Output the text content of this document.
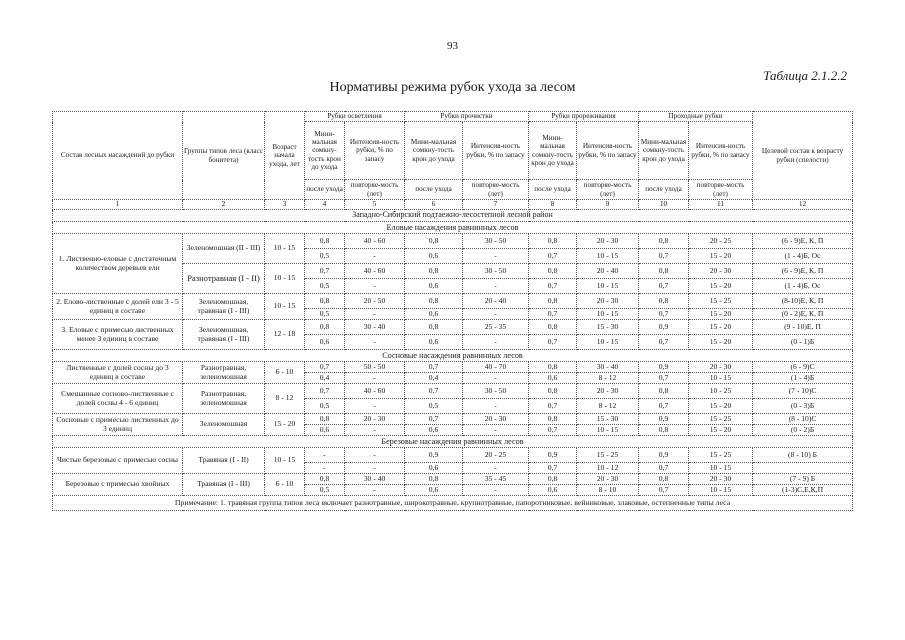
93
Таблица 2.1.2.2
Нормативы режима рубок ухода за лесом
Состав лесных насаждений до рубки	Группы типов леса (класс бонитета)	Возраст начала ухода, лет	Рубки осветления		Рубки прочистки		Рубки прореживания		Проходные рубки		Целевой состав к возрасту рубки (спелости)
			Мини-мальная сомкну-тость крон до ухода	Интенсив-ность рубки, % по запасу	Мини-мальная сомкну-тость крон до ухода	Интенсив-ность рубки, % по запасу	Мини-мальная сомкну-тость крон до ухода	Интенсив-ность рубки, % по запасу	Мини-мальная сомкну-тость крон до ухода	Интенсив-ность рубки, % по запасу	
			после ухода	повторяе-мость (лет)	после ухода	повторяе-мость (лет)	после ухода	повторяе-мость (лет)	после ухода	повторяе-мость (лет)	
1	2	3	4	5	6	7	8	9	10	11	12
Западно-Сибирский подтаежно-лесостепной лесной район											
Еловые насаждения равнинных лесов											
1. Лиственно-еловые с достаточным количеством деревьев ели	Зеленомошная (II - III)	10 - 15	0,8	40 - 60	0,8	30 - 50	0,8	20 - 30	0,8	20 - 25	(6 - 9)Е, К, П
			0,5	-	0,6	-	0,7	10 - 15	0,7	15 - 20	(1 - 4)Б, Ос
	Разнотравная (I - II)	10 - 15	0,7	40 - 60	0,8	30 - 50	0,8	20 - 40	0,8	20 - 30	(6 - 9)Е, К, П
			0,5	-	0,6	-	0,7	10 - 15	0,7	15 - 20	(1 - 4)Б, Ос
2. Елово-лиственные с долей ели 3 - 5 единиц в составе	Зеленомошная, травяная (I - III)	10 - 15	0,8	20 - 50	0,8	20 - 40	0,8	20 - 30	0,8	15 - 25	(8-10)Е, К, П
			0,5	-	0,6	-	0,7	10 - 15	0,7	15 - 20	(0 - 2)Е, К, П
3. Еловые с примесью лиственных менее 3 единиц в составе	Зеленомошная, травяная (I - III)	12 - 18	0,8	30 - 40	0,8	25 - 35	0,8	15 - 30	0,9	15 - 20	(9 - 10)Е, П
			0,6	-	0,6	-	0,7	10 - 15	0,7	15 - 20	(0 - 1)Б
Сосновые насаждения равнинных лесов											
Лиственные с долей сосны до 3 единиц в составе	Разнотравная, зеленомошная	6 - 10	0,7	50 - 50	0,7	40 - 70	0,8	30 - 40	0,9	20 - 30	(6 - 9)С
			0,4	-	0,4	-	0,6	8 - 12	0,7	10 - 15	(1 - 4)Б
Смешанные сосново-лиственные с долей сосны 4 - 6 единиц	Разнотравная, зеленомошная	8 - 12	0,7	40 - 60	0,7	30 - 50	0,8	20 - 30	0,8	10 - 25	(7 - 10)С
			0,5	-	0,5	-	0,7	8 - 12	0,7	15 - 20	(0 - 3)Б
Сосновые с примесью лиственных до 3 единиц	Зеленомошная	15 - 20	0,8	20 - 30	0,7	20 - 30	0,8	15 - 30	0,9	15 - 25	(8 - 10)С
			0,6	-	0,6	-	0,7	10 - 15	0,8	15 - 20	(0 - 2)Б
Березовые насаждения равнинных лесов											
Чистые березовые с примесью сосны	Травяная (I - II)	10 - 15	-	-	0,9	20 - 25	0,9	15 - 25	0,9	15 - 25	(8 - 10) Б
			-	-	0,6	-	0,7	10 - 12	0,7	10 - 15	
Березовые с примесью хвойных	Травяная (I - III)	6 - 10	0,8	30 - 40	0,8	35 - 45	0,8	20 - 30	0,8	20 - 30	(7 - 9) Б
			0,5	-	0,6	-	0,6	8 - 10	0,7	10 - 15	(1-3)С,Е,К,П
Примечание: 1. травяная группа типов леса включает разнотравные, широкотравные, крупнотравные, папоротниковые, вейниковые, злаковые, остепненные типы леса											
